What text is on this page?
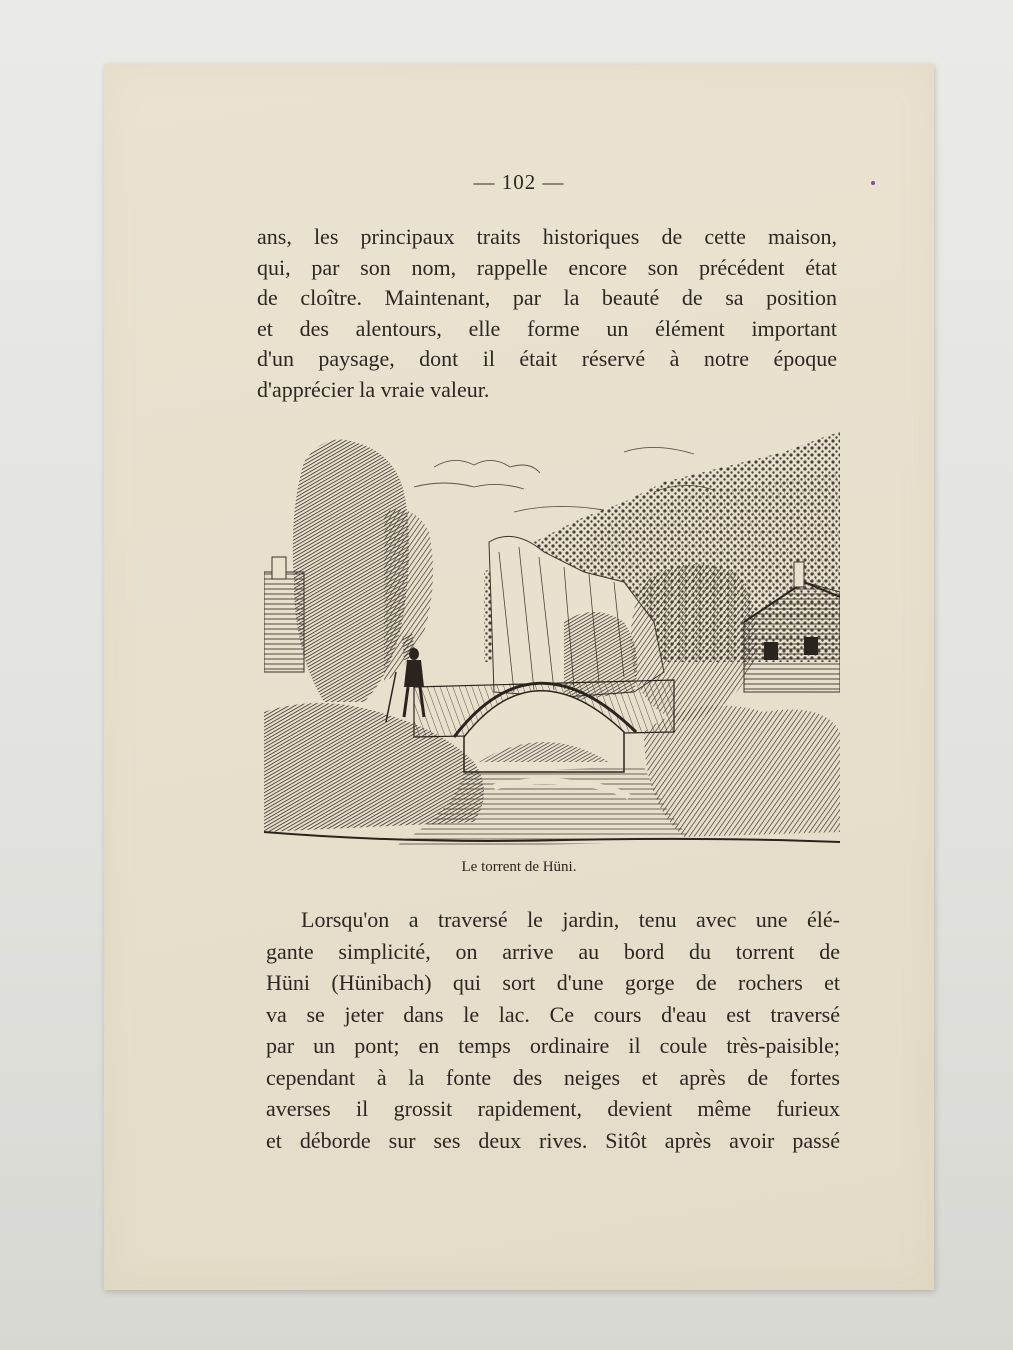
— 102 —
ans, les principaux traits historiques de cette maison,
qui, par son nom, rappelle encore son précédent état
de cloître. Maintenant, par la beauté de sa position
et des alentours, elle forme un élément important
d'un paysage, dont il était réservé à notre époque
d'apprécier la vraie valeur.
Le torrent de Hüni.
Lorsqu'on a traversé le jardin, tenu avec une élé-
gante simplicité, on arrive au bord du torrent de
Hüni (Hünibach) qui sort d'une gorge de rochers et
va se jeter dans le lac. Ce cours d'eau est traversé
par un pont; en temps ordinaire il coule très-paisible;
cependant à la fonte des neiges et après de fortes
averses il grossit rapidement, devient même furieux
et déborde sur ses deux rives. Sitôt après avoir passé
